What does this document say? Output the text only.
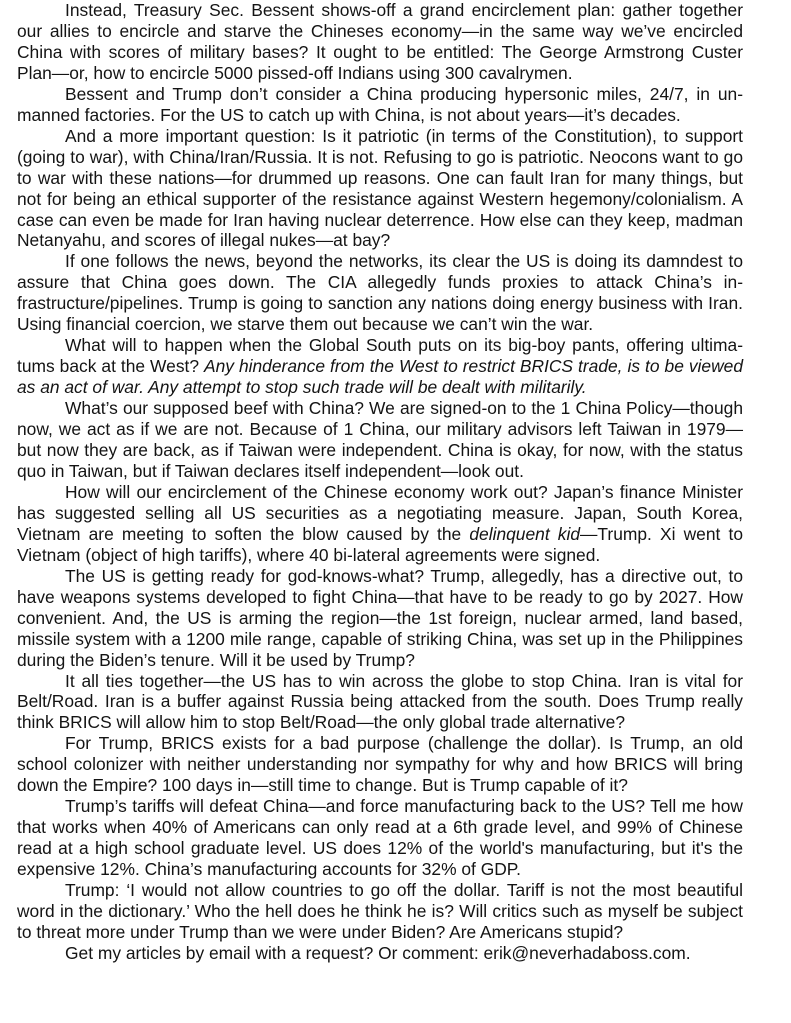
Instead, Treasury Sec. Bessent shows-off a grand encirclement plan: gather together our allies to encircle and starve the Chineses economy—in the same way we’ve encircled China with scores of military bases? It ought to be entitled: The George Armstrong Custer Plan—or, how to encircle 5000 pissed-off Indians using 300 cavalrymen.

Bessent and Trump don’t consider a China producing hypersonic miles, 24/7, in unmanned factories. For the US to catch up with China, is not about years—it’s decades.

And a more important question: Is it patriotic (in terms of the Constitution), to support (going to war), with China/Iran/Russia. It is not. Refusing to go is patriotic. Neocons want to go to war with these nations—for drummed up reasons. One can fault Iran for many things, but not for being an ethical supporter of the resistance against Western hegemony/colonialism. A case can even be made for Iran having nuclear deterrence. How else can they keep, madman Netanyahu, and scores of illegal nukes—at bay?

If one follows the news, beyond the networks, its clear the US is doing its damndest to assure that China goes down. The CIA allegedly funds proxies to attack China’s infrastructure/pipelines. Trump is going to sanction any nations doing energy business with Iran. Using financial coercion, we starve them out because we can’t win the war.

What will to happen when the Global South puts on its big-boy pants, offering ultimatums back at the West? Any hinderance from the West to restrict BRICS trade, is to be viewed as an act of war. Any attempt to stop such trade will be dealt with militarily.

What’s our supposed beef with China? We are signed-on to the 1 China Policy—though now, we act as if we are not. Because of 1 China, our military advisors left Taiwan in 1979—but now they are back, as if Taiwan were independent. China is okay, for now, with the status quo in Taiwan, but if Taiwan declares itself independent—look out.

How will our encirclement of the Chinese economy work out? Japan’s finance Minister has suggested selling all US securities as a negotiating measure. Japan, South Korea, Vietnam are meeting to soften the blow caused by the delinquent kid—Trump. Xi went to Vietnam (object of high tariffs), where 40 bi-lateral agreements were signed.

The US is getting ready for god-knows-what? Trump, allegedly, has a directive out, to have weapons systems developed to fight China—that have to be ready to go by 2027. How convenient. And, the US is arming the region—the 1st foreign, nuclear armed, land based, missile system with a 1200 mile range, capable of striking China, was set up in the Philippines during the Biden’s tenure. Will it be used by Trump?

It all ties together—the US has to win across the globe to stop China. Iran is vital for Belt/Road. Iran is a buffer against Russia being attacked from the south. Does Trump really think BRICS will allow him to stop Belt/Road—the only global trade alternative?

For Trump, BRICS exists for a bad purpose (challenge the dollar). Is Trump, an old school colonizer with neither understanding nor sympathy for why and how BRICS will bring down the Empire? 100 days in—still time to change. But is Trump capable of it?

Trump’s tariffs will defeat China—and force manufacturing back to the US? Tell me how that works when 40% of Americans can only read at a 6th grade level, and 99% of Chinese read at a high school graduate level. US does 12% of the world's manufacturing, but it's the expensive 12%. China’s manufacturing accounts for 32% of GDP.

Trump: ‘I would not allow countries to go off the dollar. Tariff is not the most beautiful word in the dictionary.’ Who the hell does he think he is? Will critics such as myself be subject to threat more under Trump than we were under Biden? Are Americans stupid?

Get my articles by email with a request? Or comment: erik@neverhadaboss.com.
